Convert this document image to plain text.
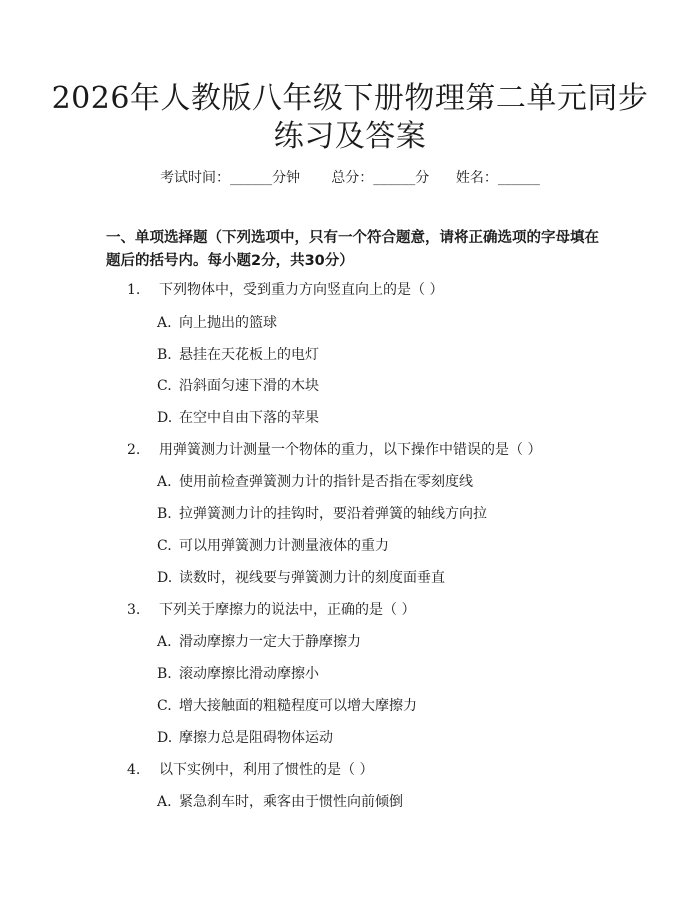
2026年人教版八年级下册物理第二单元同步
练习及答案
考试时间：______分钟 总分：______分 姓名：______

一、单项选择题（下列选项中，只有一个符合题意，请将正确选项的字母填在题后的括号内。每小题2分，共30分）

1. 下列物体中，受到重力方向竖直向上的是（ ）
A. 向上抛出的篮球
B. 悬挂在天花板上的电灯
C. 沿斜面匀速下滑的木块
D. 在空中自由下落的苹果
2. 用弹簧测力计测量一个物体的重力，以下操作中错误的是（ ）
A. 使用前检查弹簧测力计的指针是否指在零刻度线
B. 拉弹簧测力计的挂钩时，要沿着弹簧的轴线方向拉
C. 可以用弹簧测力计测量液体的重力
D. 读数时，视线要与弹簧测力计的刻度面垂直
3. 下列关于摩擦力的说法中，正确的是（ ）
A. 滑动摩擦力一定大于静摩擦力
B. 滚动摩擦比滑动摩擦小
C. 增大接触面的粗糙程度可以增大摩擦力
D. 摩擦力总是阻碍物体运动
4. 以下实例中，利用了惯性的是（ ）
A. 紧急刹车时，乘客由于惯性向前倾倒
